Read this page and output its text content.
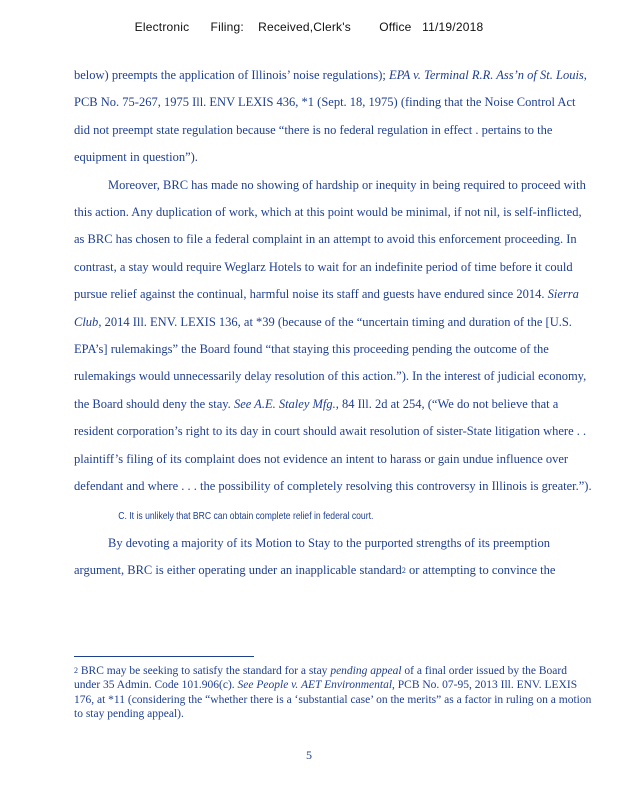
Electronic      Filing:    Received,Clerk's        Office   11/19/2018

below) preempts the application of Illinois’ noise regulations); EPA v. Terminal R.R. Ass’n of St. Louis, PCB No. 75-267, 1975 Ill. ENV LEXIS 436, *1 (Sept. 18, 1975) (finding that the Noise Control Act did not preempt state regulation because “there is no federal regulation in effect . pertains to the equipment in question”).

Moreover, BRC has made no showing of hardship or inequity in being required to proceed with this action. Any duplication of work, which at this point would be minimal, if not nil, is self-inflicted, as BRC has chosen to file a federal complaint in an attempt to avoid this enforcement proceeding. In contrast, a stay would require Weglarz Hotels to wait for an indefinite period of time before it could pursue relief against the continual, harmful noise its staff and guests have endured since 2014. Sierra Club, 2014 Ill. ENV. LEXIS 136, at *39 (because of the “uncertain timing and duration of the [U.S. EPA’s] rulemakings” the Board found “that staying this proceeding pending the outcome of the rulemakings would unnecessarily delay resolution of this action.”). In the interest of judicial economy, the Board should deny the stay. See A.E. Staley Mfg., 84 Ill. 2d at 254, (“We do not believe that a resident corporation’s right to its day in court should await resolution of sister-State litigation where . . plaintiff’s filing of its complaint does not evidence an intent to harass or gain undue influence over defendant and where . . . the possibility of completely resolving this controversy in Illinois is greater.”).

C. It is unlikely that BRC can obtain complete relief in federal court.

By devoting a majority of its Motion to Stay to the purported strengths of its preemption argument, BRC is either operating under an inapplicable standard$^2$ or attempting to convince the

$^2$ BRC may be seeking to satisfy the standard for a stay pending appeal of a final order issued by the Board under 35 Admin. Code 101.906(c). See People v. AET Environmental, PCB No. 07-95, 2013 Ill. ENV. LEXIS 176, at *11 (considering the “whether there is a ‘substantial case’ on the merits” as a factor in ruling on a motion to stay pending appeal).
5
